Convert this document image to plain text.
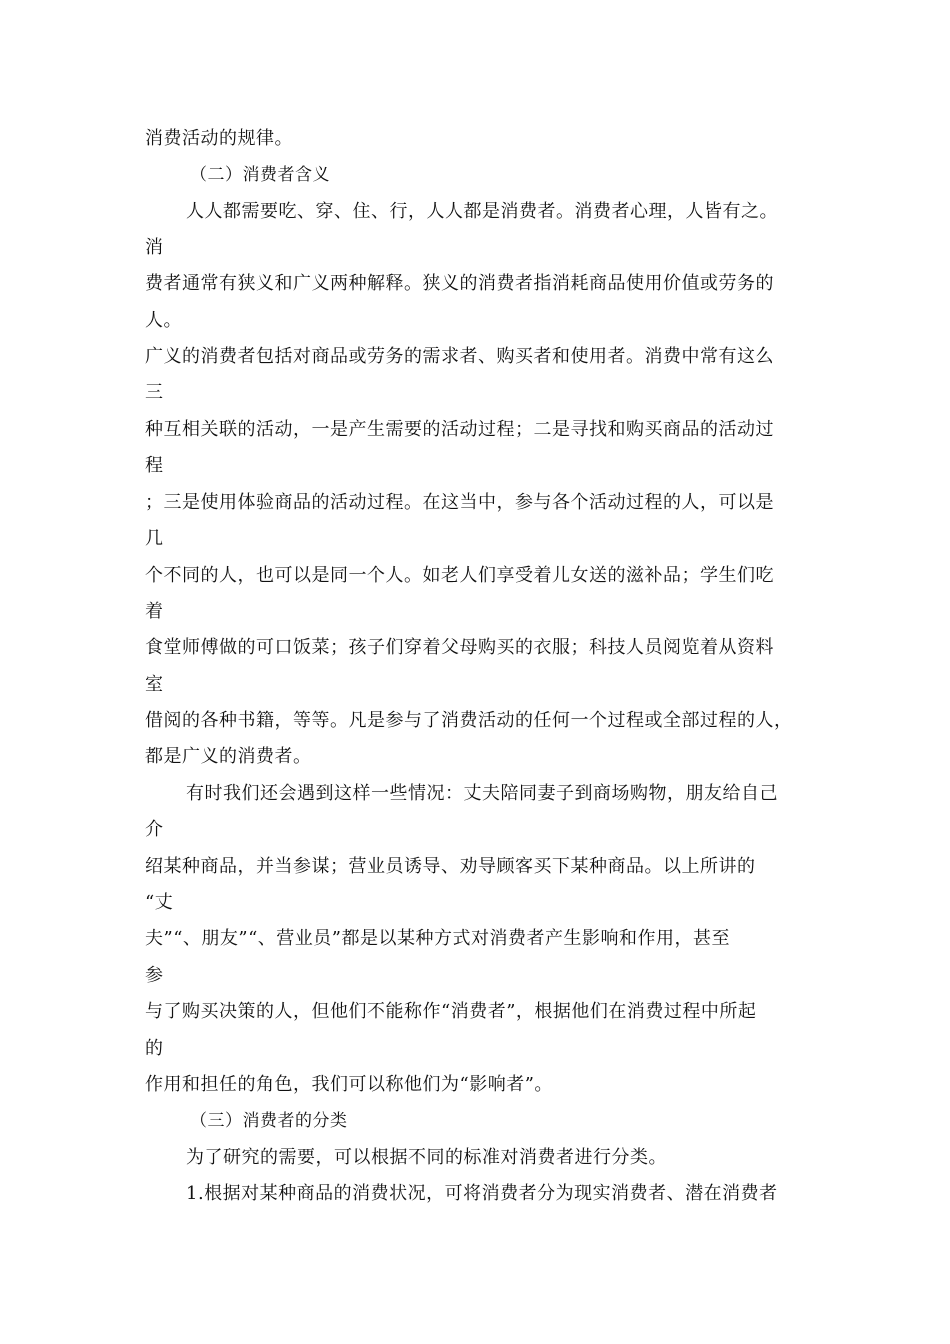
消费活动的规律。
（二）消费者含义
人人都需要吃、穿、住、行，人人都是消费者。消费者心理，人皆有之。
消
费者通常有狭义和广义两种解释。狭义的消费者指消耗商品使用价值或劳务的
人。
广义的消费者包括对商品或劳务的需求者、购买者和使用者。消费中常有这么
三
种互相关联的活动，一是产生需要的活动过程；二是寻找和购买商品的活动过
程
；三是使用体验商品的活动过程。在这当中，参与各个活动过程的人，可以是
几
个不同的人，也可以是同一个人。如老人们享受着儿女送的滋补品；学生们吃
着
食堂师傅做的可口饭菜；孩子们穿着父母购买的衣服；科技人员阅览着从资料
室
借阅的各种书籍，等等。凡是参与了消费活动的任何一个过程或全部过程的人，
都是广义的消费者。
有时我们还会遇到这样一些情况：丈夫陪同妻子到商场购物，朋友给自己
介
绍某种商品，并当参谋；营业员诱导、劝导顾客买下某种商品。以上所讲的
“丈
夫”“、朋友”“、营业员”都是以某种方式对消费者产生影响和作用，甚至
参
与了购买决策的人，但他们不能称作“消费者”，根据他们在消费过程中所起
的
作用和担任的角色，我们可以称他们为“影响者”。
（三）消费者的分类
为了研究的需要，可以根据不同的标准对消费者进行分类。
1.根据对某种商品的消费状况，可将消费者分为现实消费者、潜在消费者
